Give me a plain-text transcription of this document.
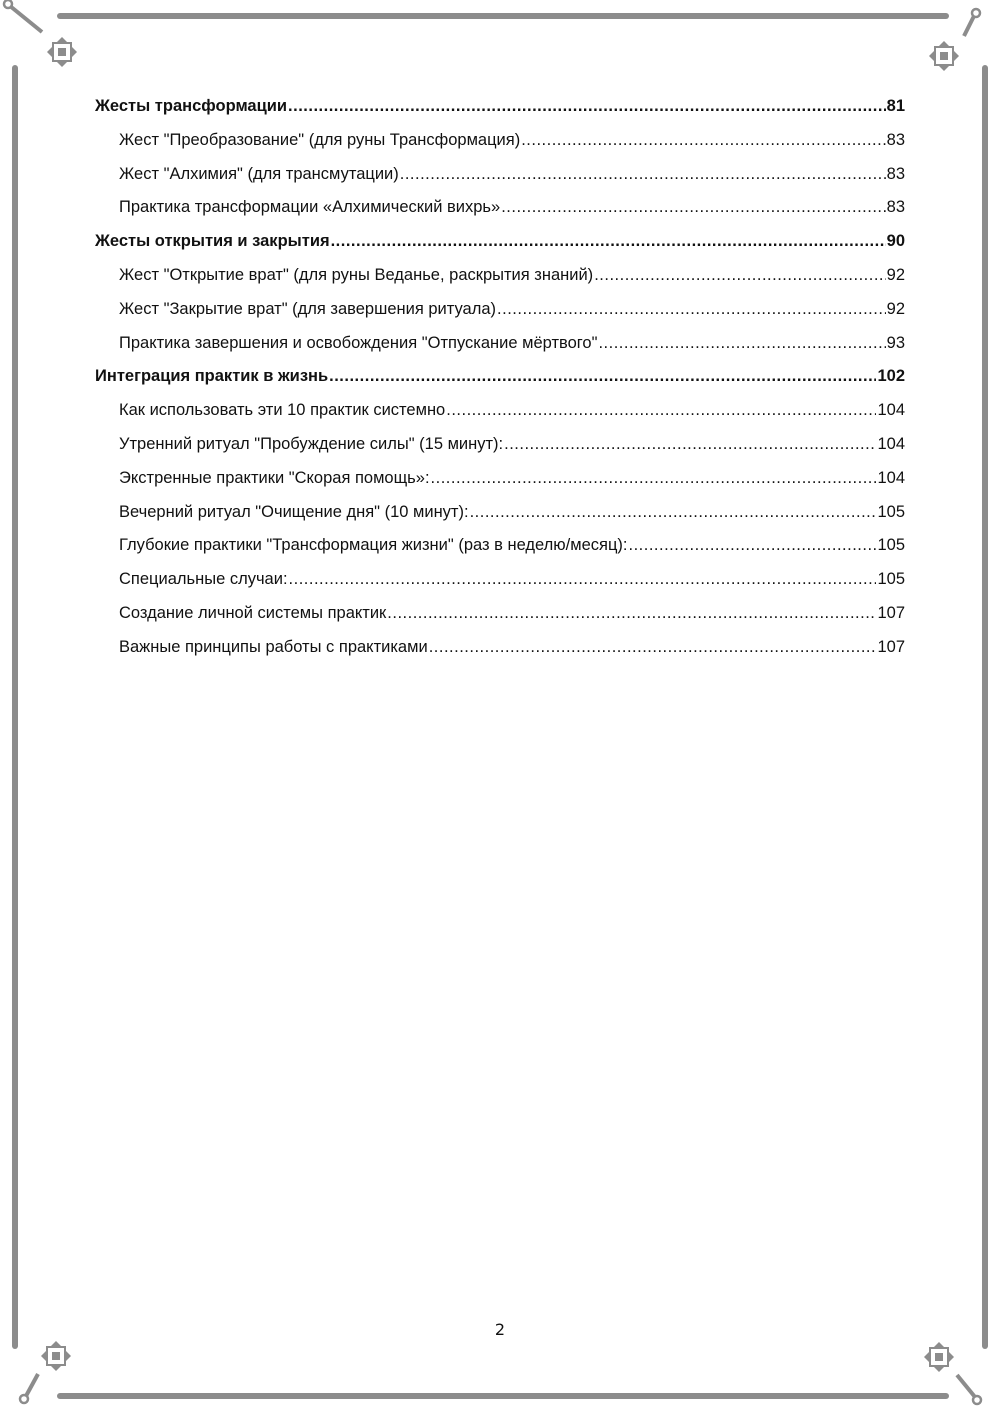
Жесты трансформации .....	81
Жест "Преобразование" (для руны Трансформация) .....	83
Жест "Алхимия" (для трансмутации) .....	83
Практика трансформации «Алхимический вихрь» .....	83
Жесты открытия и закрытия .....	90
Жест "Открытие врат" (для руны Веданье, раскрытия знаний) .....	92
Жест "Закрытие врат" (для завершения ритуала) .....	92
Практика завершения и освобождения "Отпускание мёртвого" .....	93
Интеграция практик в жизнь .....	102
Как использовать эти 10 практик системно .....	104
Утренний ритуал "Пробуждение силы" (15 минут): .....	104
Экстренные практики "Скорая помощь»: .....	104
Вечерний ритуал "Очищение дня" (10 минут): .....	105
Глубокие практики "Трансформация жизни" (раз в неделю/месяц): .....	105
Специальные случаи: .....	105
Создание личной системы практик .....	107
Важные принципы работы с практиками .....	107
2
